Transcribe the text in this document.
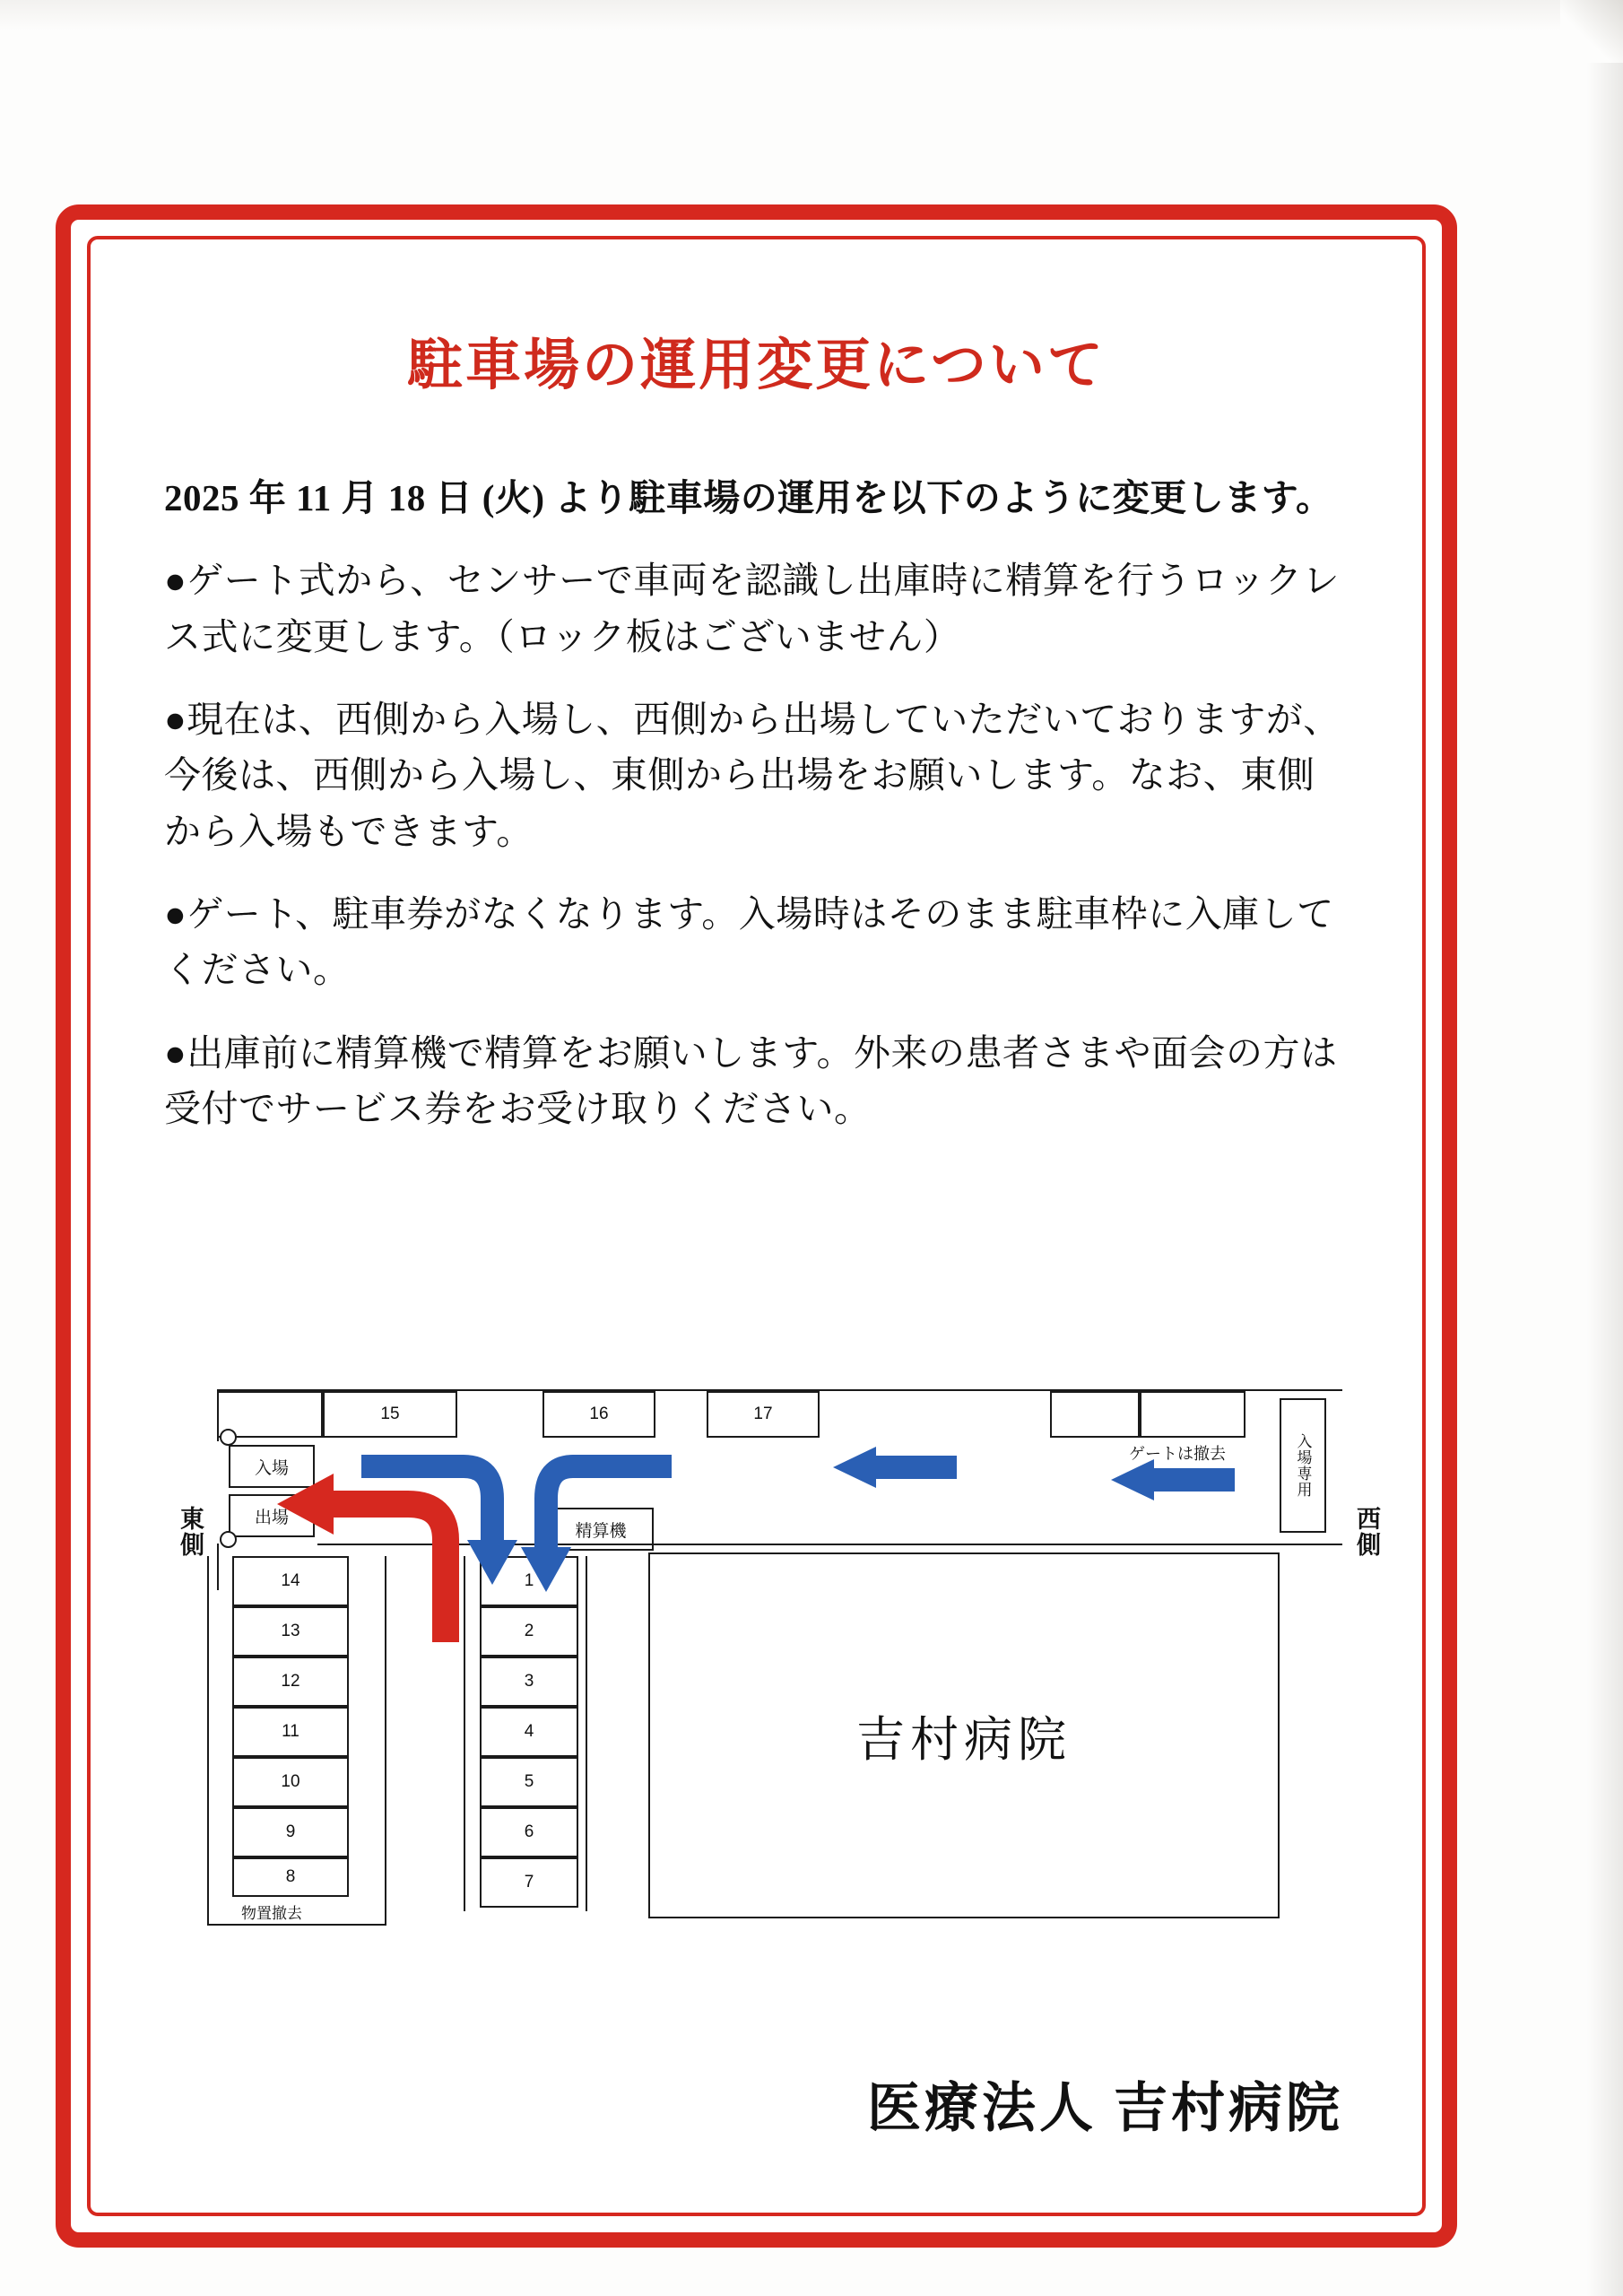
駐車場の運用変更について

2025 年 11 月 18 日 (火) より駐車場の運用を以下のように変更します。

●ゲート式から、センサーで車両を認識し出庫時に精算を行うロックレス式に変更します。（ロック板はございません）

●現在は、西側から入場し、西側から出場していただいておりますが、今後は、西側から入場し、東側から出場をお願いします。なお、東側から入場もできます。

●ゲート、駐車券がなくなります。入場時はそのまま駐車枠に入庫してください。

●出庫前に精算機で精算をお願いします。外来の患者さまや面会の方は受付でサービス券をお受け取りください。

15	16	17
入場専用
ゲートは撤去
入場
出場
東側	西側
精算機
14
13
12
11
10
9
8
物置撤去
1
2
3
4
5
6
7
吉村病院
医療法人 吉村病院
